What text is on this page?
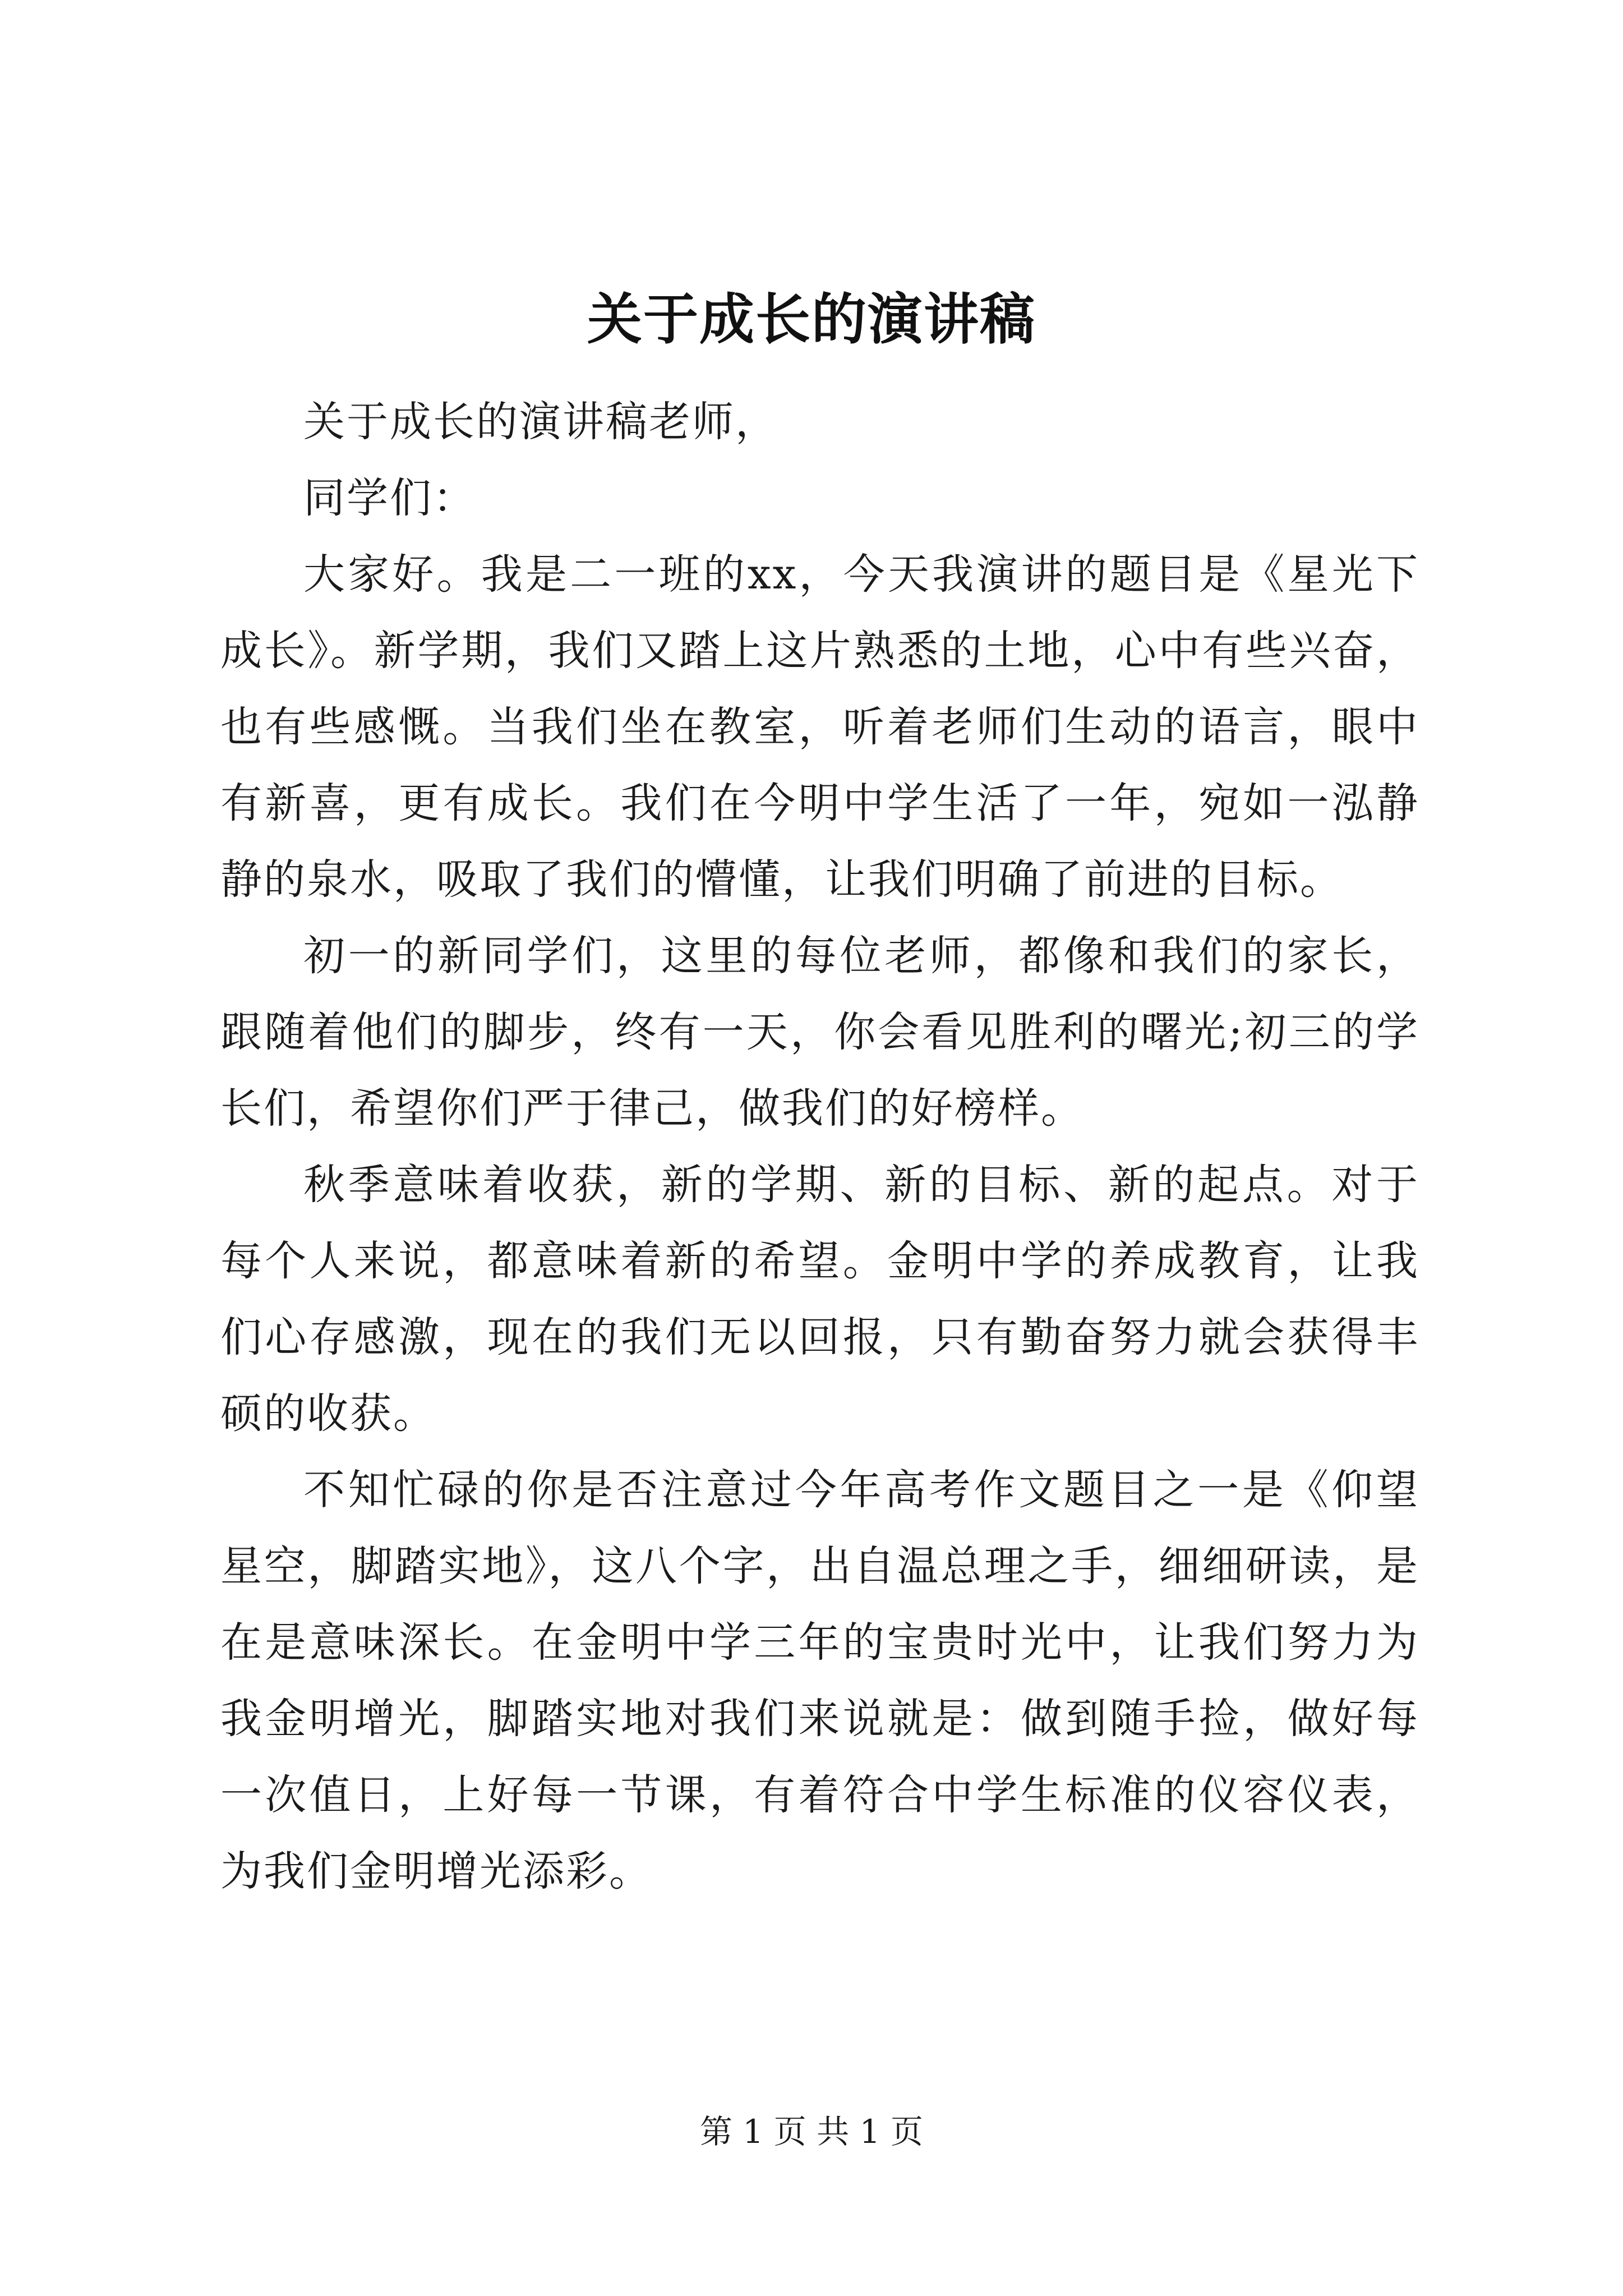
关于成长的演讲稿

关于成长的演讲稿老师，

同学们：

大家好。我是二一班的xx，今天我演讲的题目是《星光下成长》。新学期，我们又踏上这片熟悉的土地，心中有些兴奋，也有些感慨。当我们坐在教室，听着老师们生动的语言，眼中有新喜，更有成长。我们在今明中学生活了一年，宛如一泓静静的泉水，吸取了我们的懵懂，让我们明确了前进的目标。

初一的新同学们，这里的每位老师，都像和我们的家长，跟随着他们的脚步，终有一天，你会看见胜利的曙光;初三的学长们，希望你们严于律己，做我们的好榜样。

秋季意味着收获，新的学期、新的目标、新的起点。对于每个人来说，都意味着新的希望。金明中学的养成教育，让我们心存感激，现在的我们无以回报，只有勤奋努力就会获得丰硕的收获。

不知忙碌的你是否注意过今年高考作文题目之一是《仰望星空，脚踏实地》，这八个字，出自温总理之手，细细研读，是在是意味深长。在金明中学三年的宝贵时光中，让我们努力为我金明增光，脚踏实地对我们来说就是：做到随手捡，做好每一次值日，上好每一节课，有着符合中学生标准的仪容仪表，为我们金明增光添彩。

第 1 页 共 1 页
